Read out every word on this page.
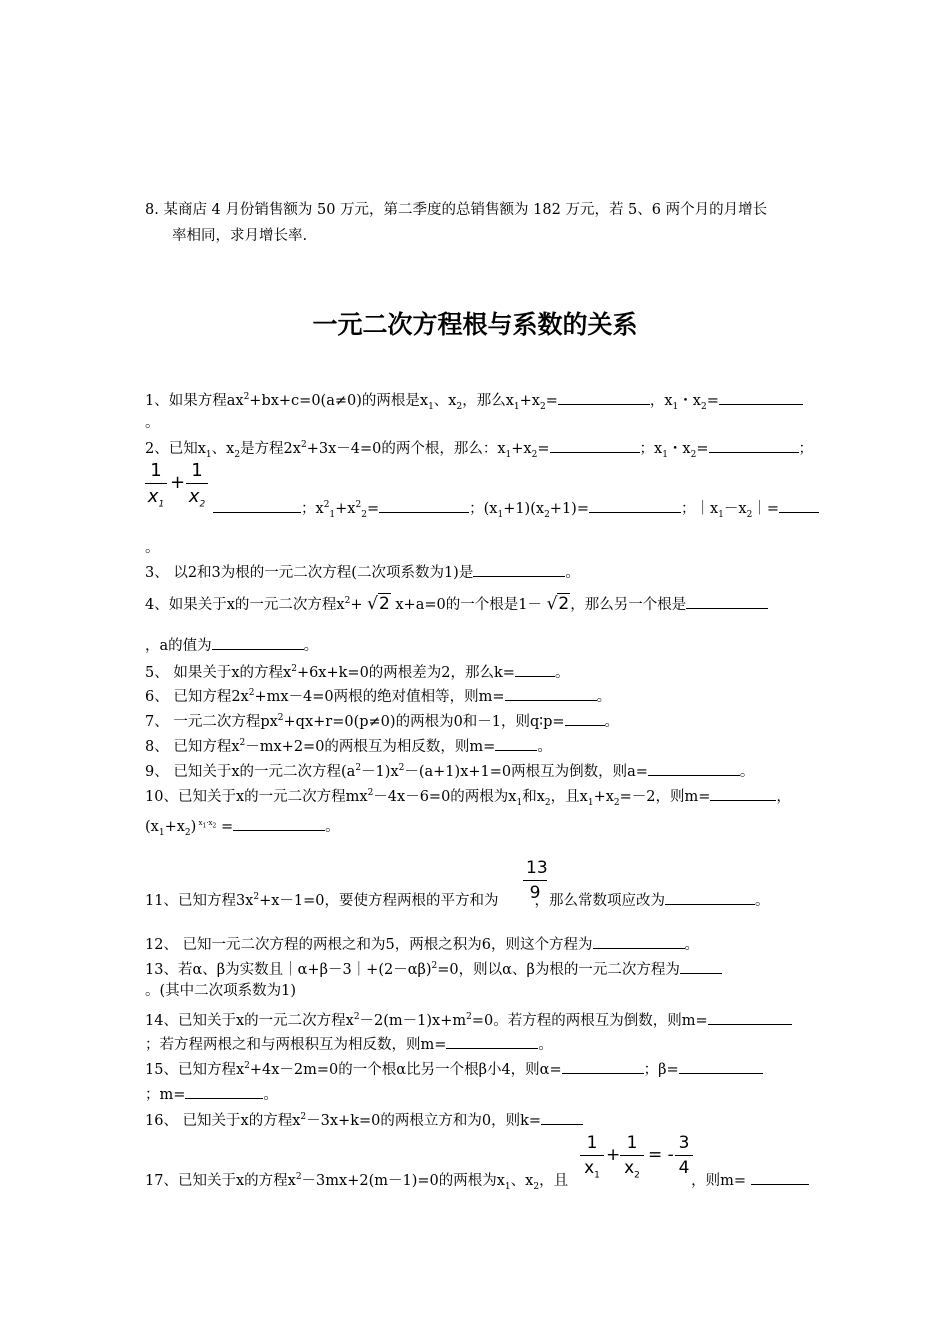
8. 某商店 4 月份销售额为 50 万元，第二季度的总销售额为 182 万元，若 5、6 两个月的月增长
率相同，求月增长率.
一元二次方程根与系数的关系
1、如果方程$ax^2+bx+c=0(a\ne 0)$的两根是$x_1$、$x_2$，那么$x_1+x_2=$	，$x_1$・$x_2=$
。
2、已知$x_1$、$x_2$是方程$2x^2+3x-4=0$的两个根，那么：$x_1+x_2=$	；$x_1$・$x_2=$	；
1
$x_1$
+
1
$x_2$	；$x^2_1+x^2_2=$	；$(x_1+1)(x_2+1)=$	；$|x_1-x_2|=$
。
3、 以2和3为根的一元二次方程(二次项系数为1)是	。
4、如果关于x的一元二次方程$x^2+ √2$ x+a=0的一个根是1－ √2，那么另一个根是
，a的值为	。
5、 如果关于x的方程$x^2+6x+k=0$的两根差为2，那么k=	。
6、 已知方程$2x^2+mx-4=0$两根的绝对值相等，则m=	。
7、 一元二次方程$px^2+qx+r=0(p\ne 0)$的两根为0和－1，则q∶p=	。
8、 已知方程$x^2-mx+2=0$的两根互为相反数，则m=	。
9、 已知关于x的一元二次方程$(a^2-1)x^2-(a+1)x+1=0$两根互为倒数，则a=	。
10、已知关于x的一元二次方程$mx^2-4x-6=0$的两根为$x_1$和$x_2$，且$x_1+x_2=-2$，则m=	，
$(x_1+x_2) ^{x_1\cdot x_2}$ =	。
13
9
11、已知方程$3x^2+x-1=0$，要使方程两根的平方和为 ，那么常数项应改为	。
12、 已知一元二次方程的两根之和为5，两根之积为6，则这个方程为	。
13、若α、β为实数且$|\alpha+\beta-3|+(2-\alpha\beta)^2=0$，则以α、β为根的一元二次方程为
。(其中二次项系数为1)
14、已知关于x的一元二次方程$x^2-2(m-1)x+m^2=0$。若方程的两根互为倒数，则m=
；若方程两根之和与两根积互为相反数，则m=	。
15、已知方程$x^2+4x-2m=0$的一个根α比另一个根β小4，则α=	；β=
；m=	。
16、 已知关于x的方程$x^2-3x+k=0$的两根立方和为0，则k=
1
$x_1$
+
1
$x_2$
= -
3
4
17、已知关于x的方程$x^2-3mx+2(m-1)=0$的两根为$x_1$、$x_2$，且	，则m=
